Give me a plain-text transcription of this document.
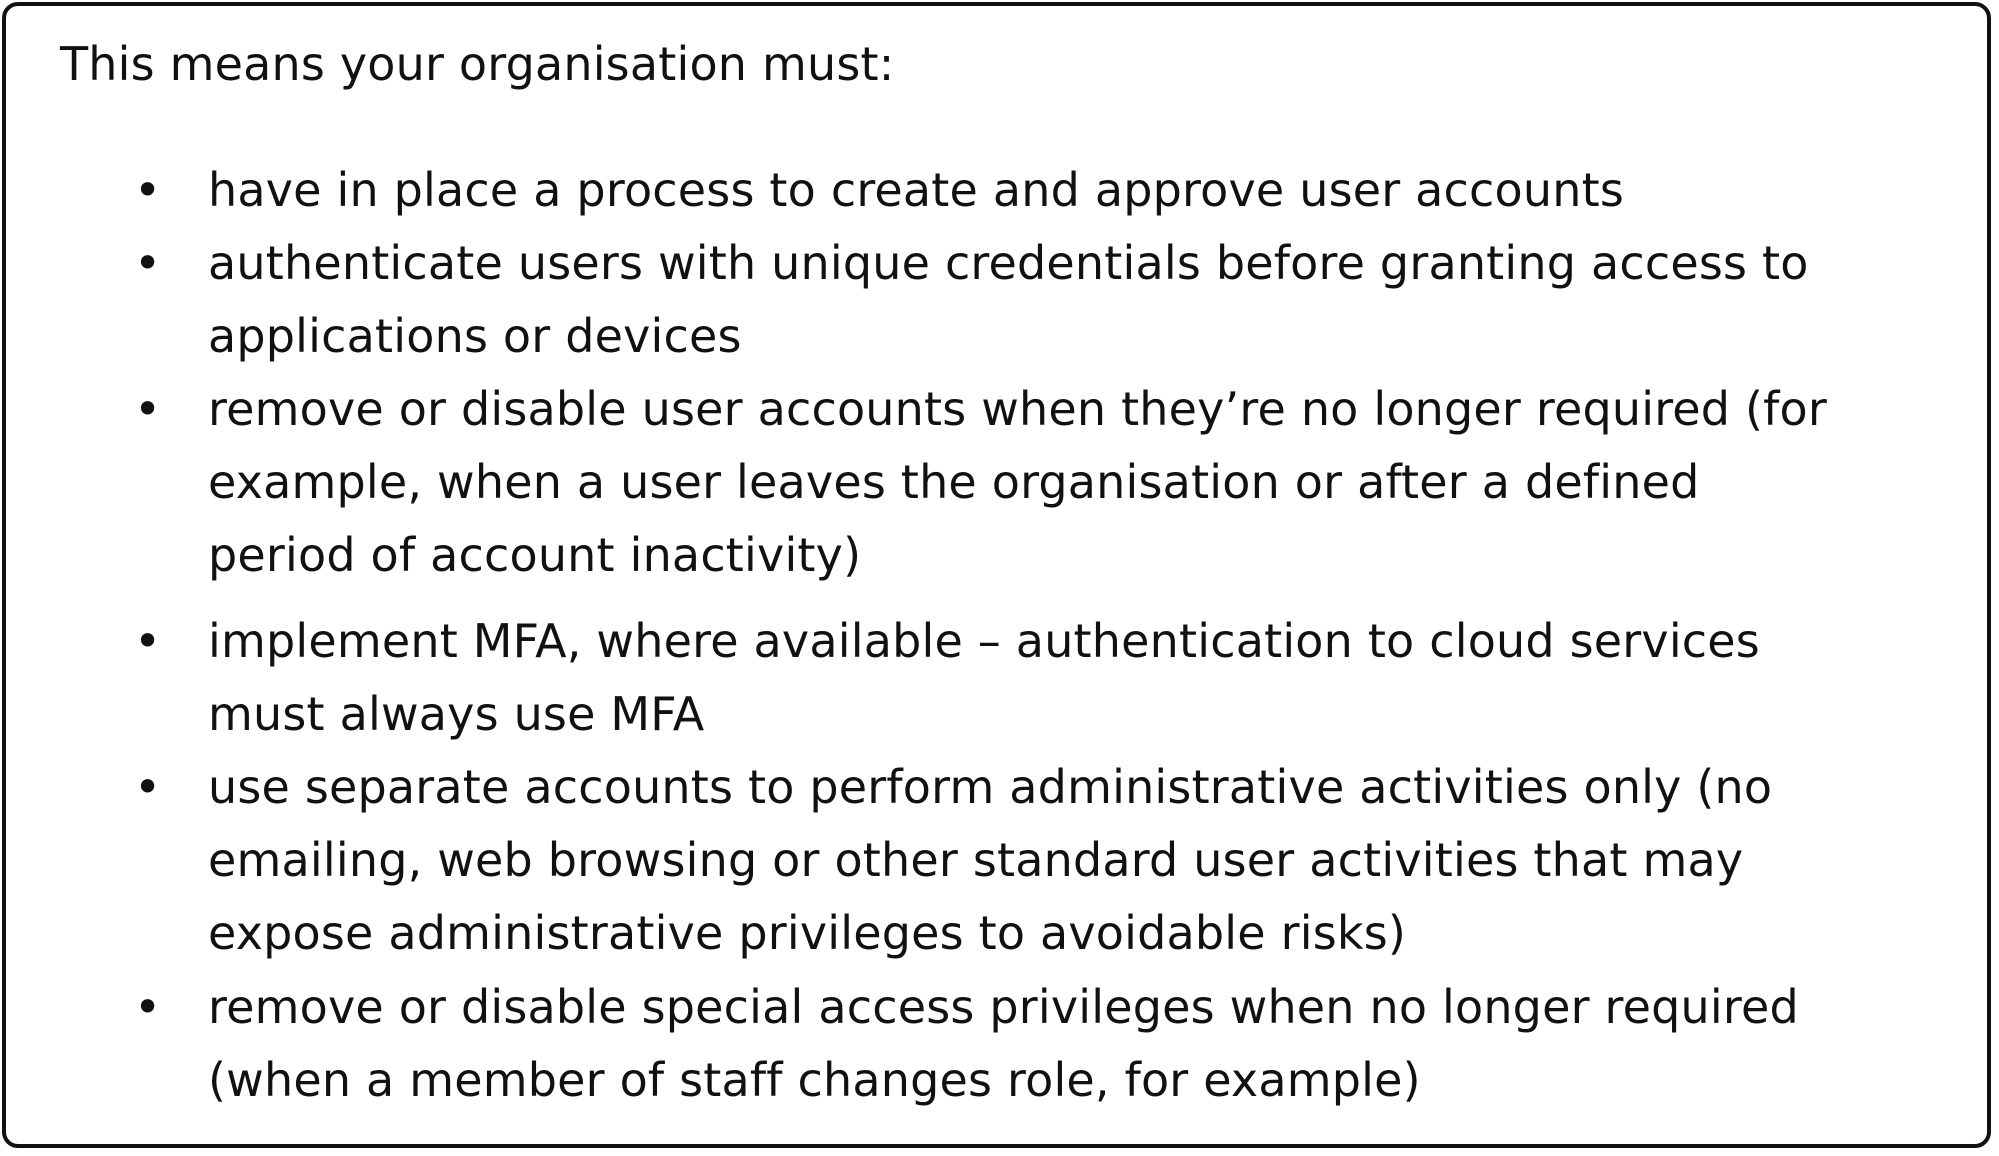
This means your organisation must:
• have in place a process to create and approve user accounts
• authenticate users with unique credentials before granting access to
applications or devices
• remove or disable user accounts when they’re no longer required (for
example, when a user leaves the organisation or after a defined
period of account inactivity)
• implement MFA, where available – authentication to cloud services
must always use MFA
• use separate accounts to perform administrative activities only (no
emailing, web browsing or other standard user activities that may
expose administrative privileges to avoidable risks)
• remove or disable special access privileges when no longer required
(when a member of staff changes role, for example)
